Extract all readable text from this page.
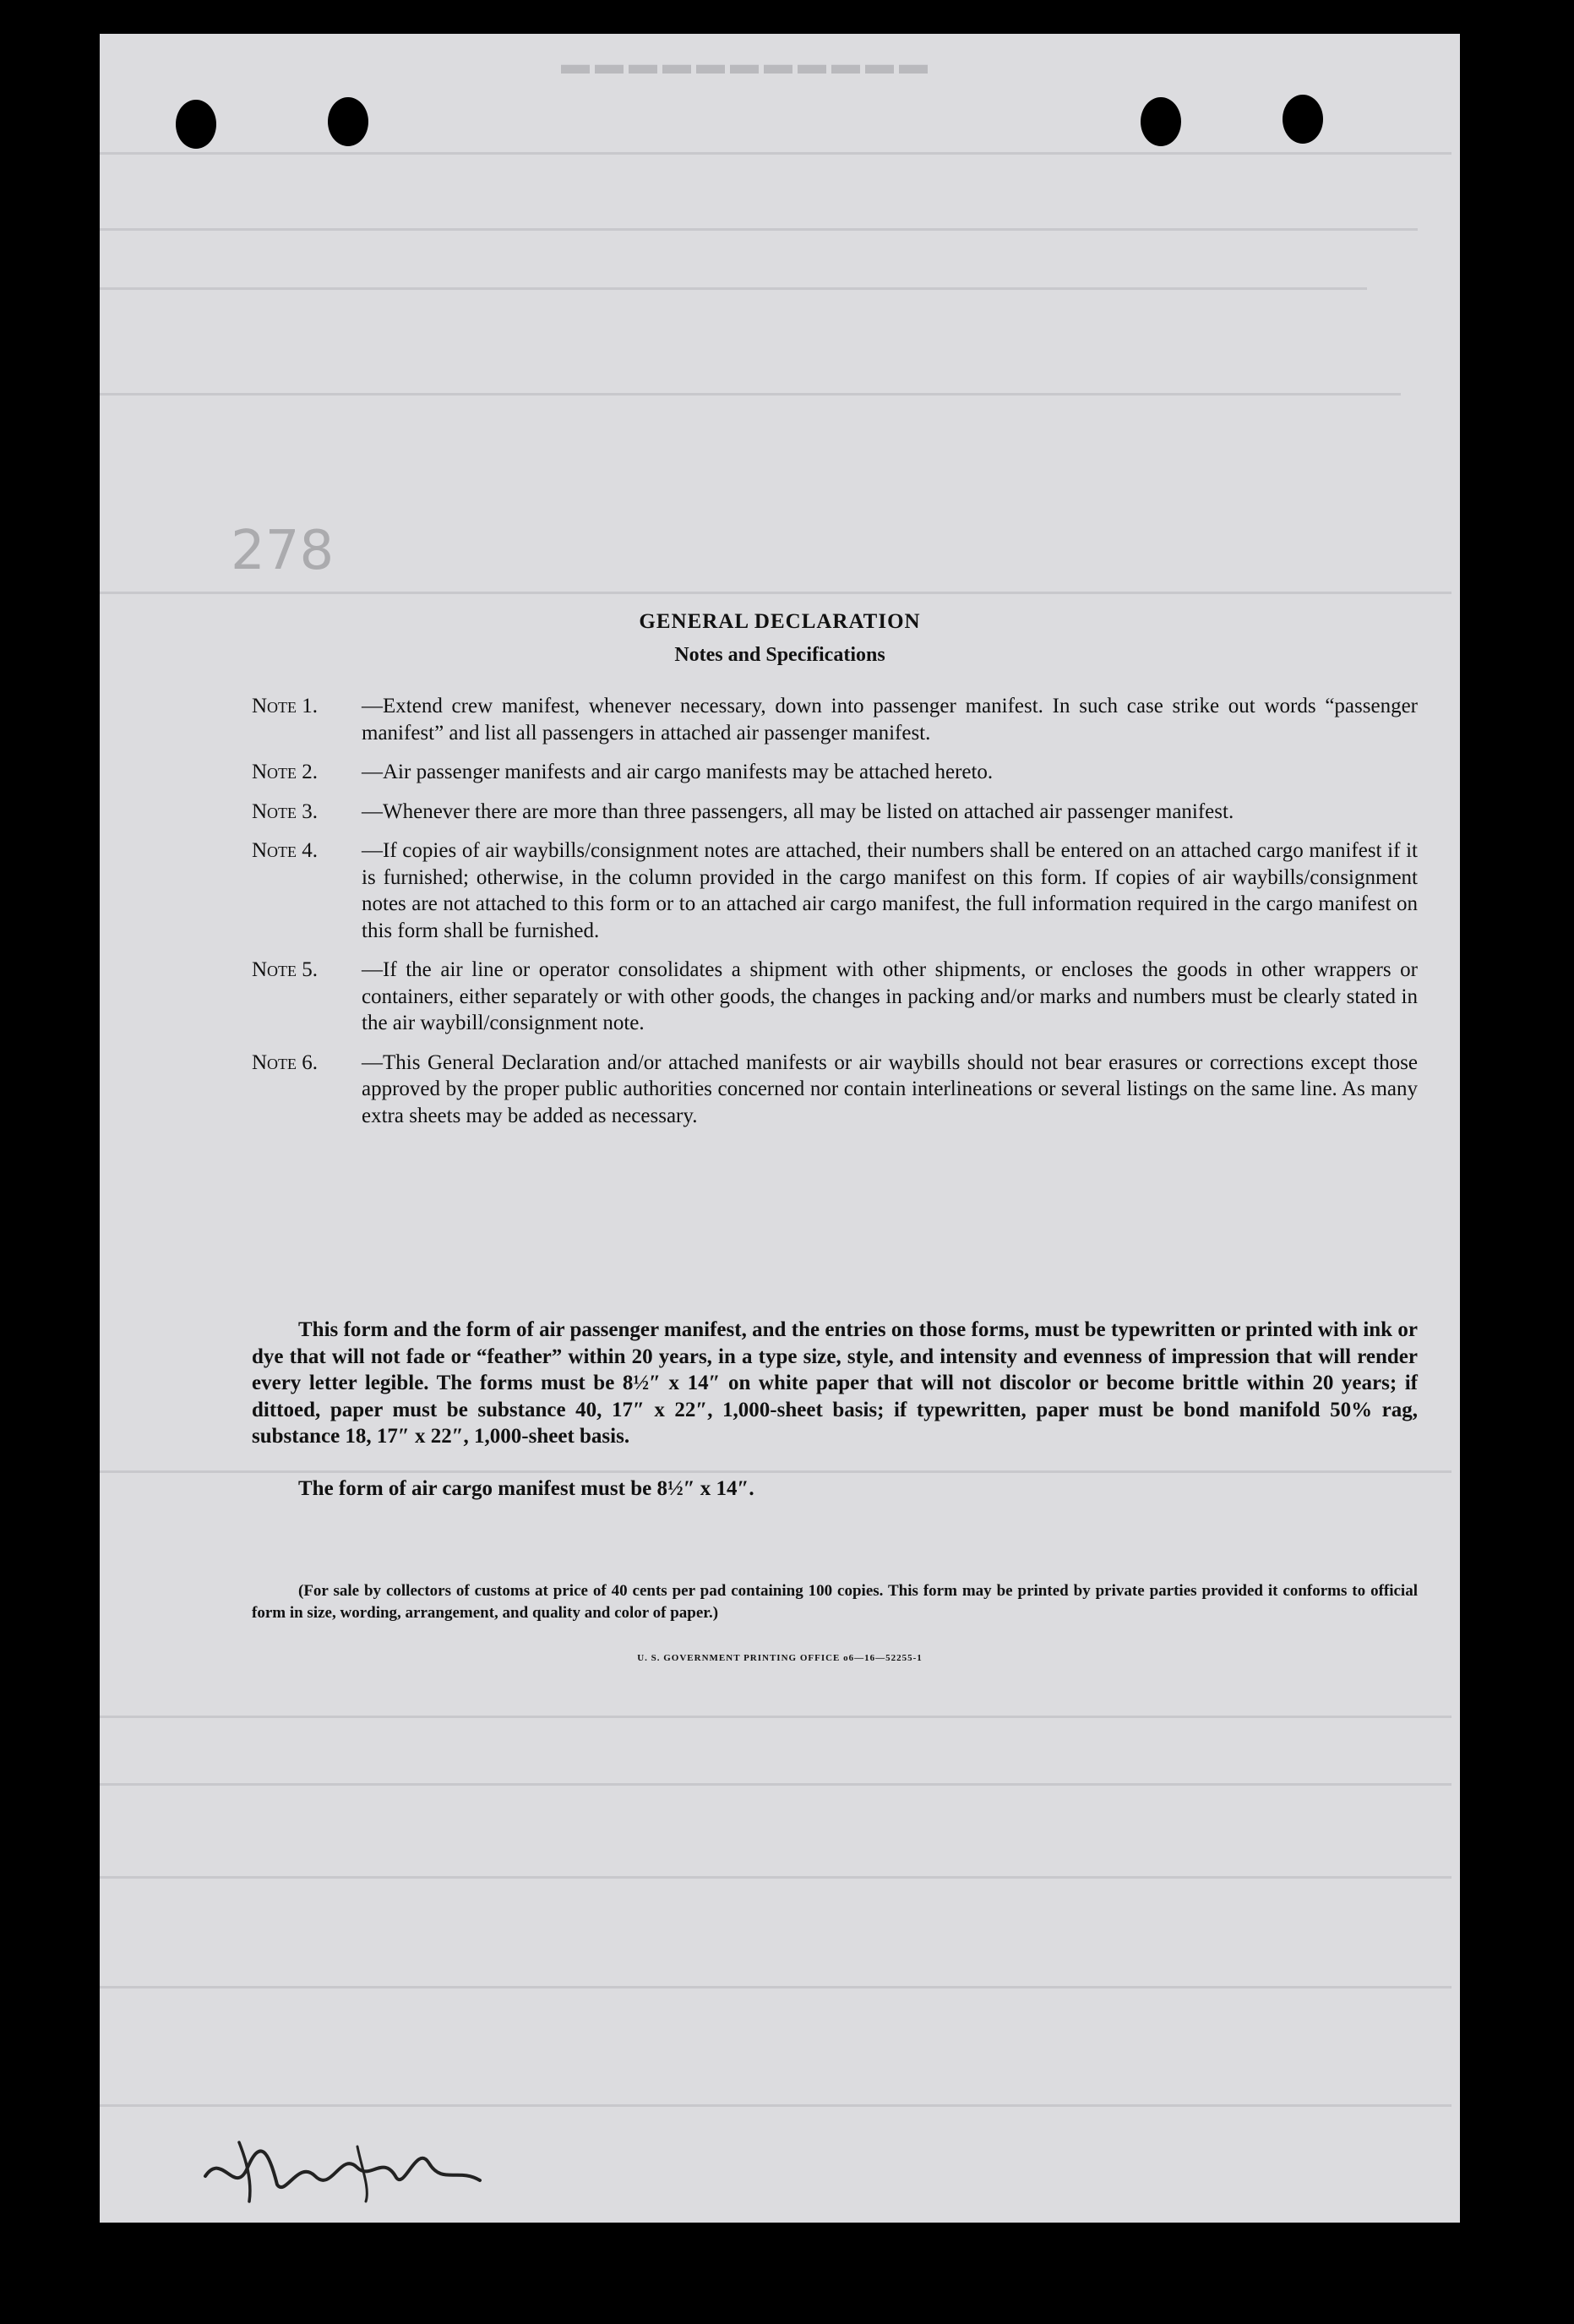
▬▬▬▬▬▬▬▬▬▬▬
278
GENERAL DECLARATION
Notes and Specifications
Note 1.	—Extend crew manifest, whenever necessary, down into passenger manifest. In such case strike out words “passenger manifest” and list all passengers in attached air passenger manifest.
Note 2.	—Air passenger manifests and air cargo manifests may be attached hereto.
Note 3.	—Whenever there are more than three passengers, all may be listed on attached air passenger manifest.
Note 4.	—If copies of air waybills/consignment notes are attached, their numbers shall be entered on an attached cargo manifest if it is furnished; otherwise, in the column provided in the cargo manifest on this form. If copies of air waybills/consignment notes are not attached to this form or to an attached air cargo manifest, the full information required in the cargo manifest on this form shall be furnished.
Note 5.	—If the air line or operator consolidates a shipment with other shipments, or encloses the goods in other wrappers or containers, either separately or with other goods, the changes in packing and/or marks and numbers must be clearly stated in the air waybill/consignment note.
Note 6.	—This General Declaration and/or attached manifests or air waybills should not bear erasures or corrections except those approved by the proper public authorities concerned nor contain interlineations or several listings on the same line. As many extra sheets may be added as necessary.
This form and the form of air passenger manifest, and the entries on those forms, must be typewritten or printed with ink or dye that will not fade or “feather” within 20 years, in a type size, style, and intensity and evenness of impression that will render every letter legible. The forms must be 8½″ x 14″ on white paper that will not discolor or become brittle within 20 years; if dittoed, paper must be substance 40, 17″ x 22″, 1,000-sheet basis; if typewritten, paper must be bond manifold 50% rag, substance 18, 17″ x 22″, 1,000-sheet basis.
The form of air cargo manifest must be 8½″ x 14″.
(For sale by collectors of customs at price of 40 cents per pad containing 100 copies. This form may be printed by private parties provided it conforms to official form in size, wording, arrangement, and quality and color of paper.)
U. S. GOVERNMENT PRINTING OFFICE o6—16—52255-1
